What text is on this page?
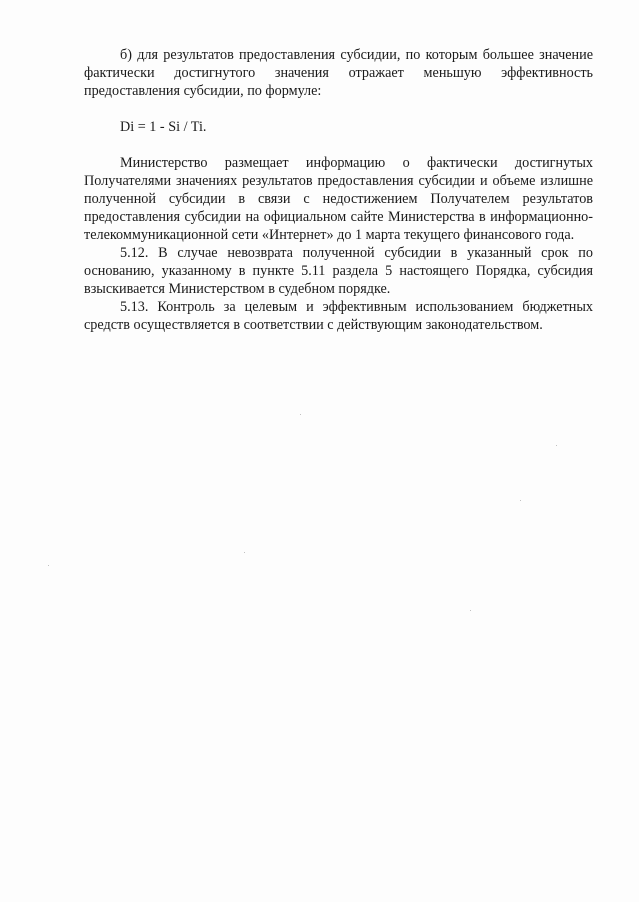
б) для результатов предоставления субсидии, по которым большее значение фактически достигнутого значения отражает меньшую эффективность предоставления субсидии, по формуле:

Di = 1 - Si / Ti.

Министерство размещает информацию о фактически достигнутых Получателями значениях результатов предоставления субсидии и объеме излишне полученной субсидии в связи с недостижением Получателем результатов предоставления субсидии на официальном сайте Министерства в информационно-телекоммуникационной сети «Интернет» до 1 марта текущего финансового года.

5.12. В случае невозврата полученной субсидии в указанный срок по основанию, указанному в пункте 5.11 раздела 5 настоящего Порядка, субсидия взыскивается Министерством в судебном порядке.

5.13. Контроль за целевым и эффективным использованием бюджетных средств осуществляется в соответствии с действующим законодательством.
